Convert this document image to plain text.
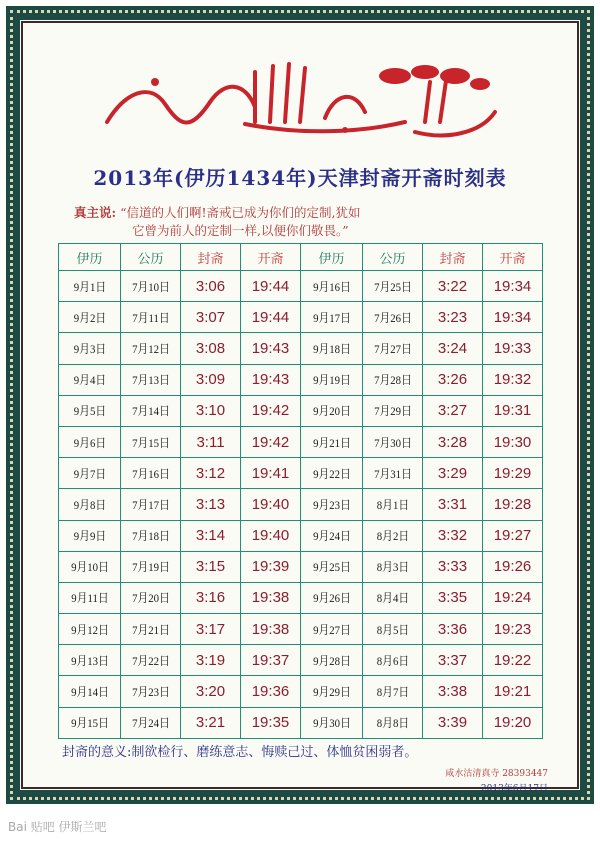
بسم الله الرحمن الرحيم
2013年(伊历1434年)天津封斋开斋时刻表
真主说: “信道的人们啊!斋戒已成为你们的定制,犹如
它曾为前人的定制一样,以便你们敬畏。”
伊历	公历	封斋	开斋	伊历	公历	封斋	开斋
9月1日	7月10日	3:06	19:44	9月16日	7月25日	3:22	19:34
9月2日	7月11日	3:07	19:44	9月17日	7月26日	3:23	19:34
9月3日	7月12日	3:08	19:43	9月18日	7月27日	3:24	19:33
9月4日	7月13日	3:09	19:43	9月19日	7月28日	3:26	19:32
9月5日	7月14日	3:10	19:42	9月20日	7月29日	3:27	19:31
9月6日	7月15日	3:11	19:42	9月21日	7月30日	3:28	19:30
9月7日	7月16日	3:12	19:41	9月22日	7月31日	3:29	19:29
9月8日	7月17日	3:13	19:40	9月23日	8月1日	3:31	19:28
9月9日	7月18日	3:14	19:40	9月24日	8月2日	3:32	19:27
9月10日	7月19日	3:15	19:39	9月25日	8月3日	3:33	19:26
9月11日	7月20日	3:16	19:38	9月26日	8月4日	3:35	19:24
9月12日	7月21日	3:17	19:38	9月27日	8月5日	3:36	19:23
9月13日	7月22日	3:19	19:37	9月28日	8月6日	3:37	19:22
9月14日	7月23日	3:20	19:36	9月29日	8月7日	3:38	19:21
9月15日	7月24日	3:21	19:35	9月30日	8月8日	3:39	19:20
封斋的意义:制欲检行、磨练意志、悔赎己过、体恤贫困弱者。
咸水沽清真寺 28393447
2013年6月17日
Bai 贴吧 伊斯兰吧
